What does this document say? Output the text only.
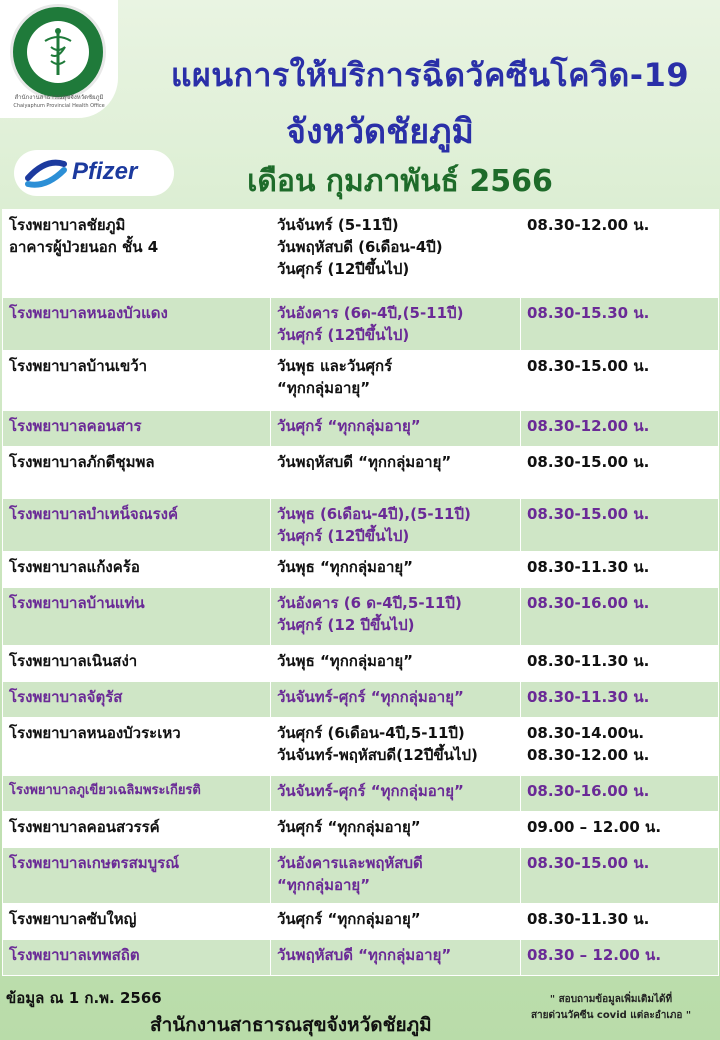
สำนักงานสาธารณสุขจังหวัดชัยภูมิ
Chaiyaphum Provincial Health Office
Pfizer
แผนการให้บริการฉีดวัคซีนโควิด-19
จังหวัดชัยภูมิ
เดือน กุมภาพันธ์ 2566
โรงพยาบาลชัยภูมิ
อาคารผู้ป่วยนอก ชั้น 4	วันจันทร์ (5-11ปี)
วันพฤหัสบดี (6เดือน-4ปี)
วันศุกร์ (12ปีขึ้นไป)	08.30-12.00 น.
โรงพยาบาลหนองบัวแดง	วันอังคาร (6ด-4ปี,(5-11ปี)
วันศุกร์ (12ปีขึ้นไป)	08.30-15.30 น.
โรงพยาบาลบ้านเขว้า	วันพุธ และวันศุกร์
“ทุกกลุ่มอายุ”	08.30-15.00 น.
โรงพยาบาลคอนสาร	วันศุกร์ “ทุกกลุ่มอายุ”	08.30-12.00 น.
โรงพยาบาลภักดีชุมพล	วันพฤหัสบดี “ทุกกลุ่มอายุ”	08.30-15.00 น.
โรงพยาบาลบำเหน็จณรงค์	วันพุธ (6เดือน-4ปี),(5-11ปี)
วันศุกร์ (12ปีขึ้นไป)	08.30-15.00 น.
โรงพยาบาลแก้งคร้อ	วันพุธ “ทุกกลุ่มอายุ”	08.30-11.30 น.
โรงพยาบาลบ้านแท่น	วันอังคาร (6 ด-4ปี,5-11ปี)
วันศุกร์ (12 ปีขึ้นไป)	08.30-16.00 น.
โรงพยาบาลเนินสง่า	วันพุธ “ทุกกลุ่มอายุ”	08.30-11.30 น.
โรงพยาบาลจัตุรัส	วันจันทร์-ศุกร์ “ทุกกลุ่มอายุ”	08.30-11.30 น.
โรงพยาบาลหนองบัวระเหว	วันศุกร์ (6เดือน-4ปี,5-11ปี)
วันจันทร์-พฤหัสบดี(12ปีขึ้นไป)	08.30-14.00น.
08.30-12.00 น.
โรงพยาบาลภูเขียวเฉลิมพระเกียรติ	วันจันทร์-ศุกร์ “ทุกกลุ่มอายุ”	08.30-16.00 น.
โรงพยาบาลคอนสวรรค์	วันศุกร์ “ทุกกลุ่มอายุ”	09.00 – 12.00 น.
โรงพยาบาลเกษตรสมบูรณ์	วันอังคารและพฤหัสบดี
“ทุกกลุ่มอายุ”	08.30-15.00 น.
โรงพยาบาลซับใหญ่	วันศุกร์ “ทุกกลุ่มอายุ”	08.30-11.30 น.
โรงพยาบาลเทพสถิต	วันพฤหัสบดี “ทุกกลุ่มอายุ”	08.30 – 12.00 น.
ข้อมูล ณ 1 ก.พ. 2566
สำนักงานสาธารณสุขจังหวัดชัยภูมิ
" สอบถามข้อมูลเพิ่มเติมได้ที่
สายด่วนวัคซีน covid แต่ละอำเภอ "
